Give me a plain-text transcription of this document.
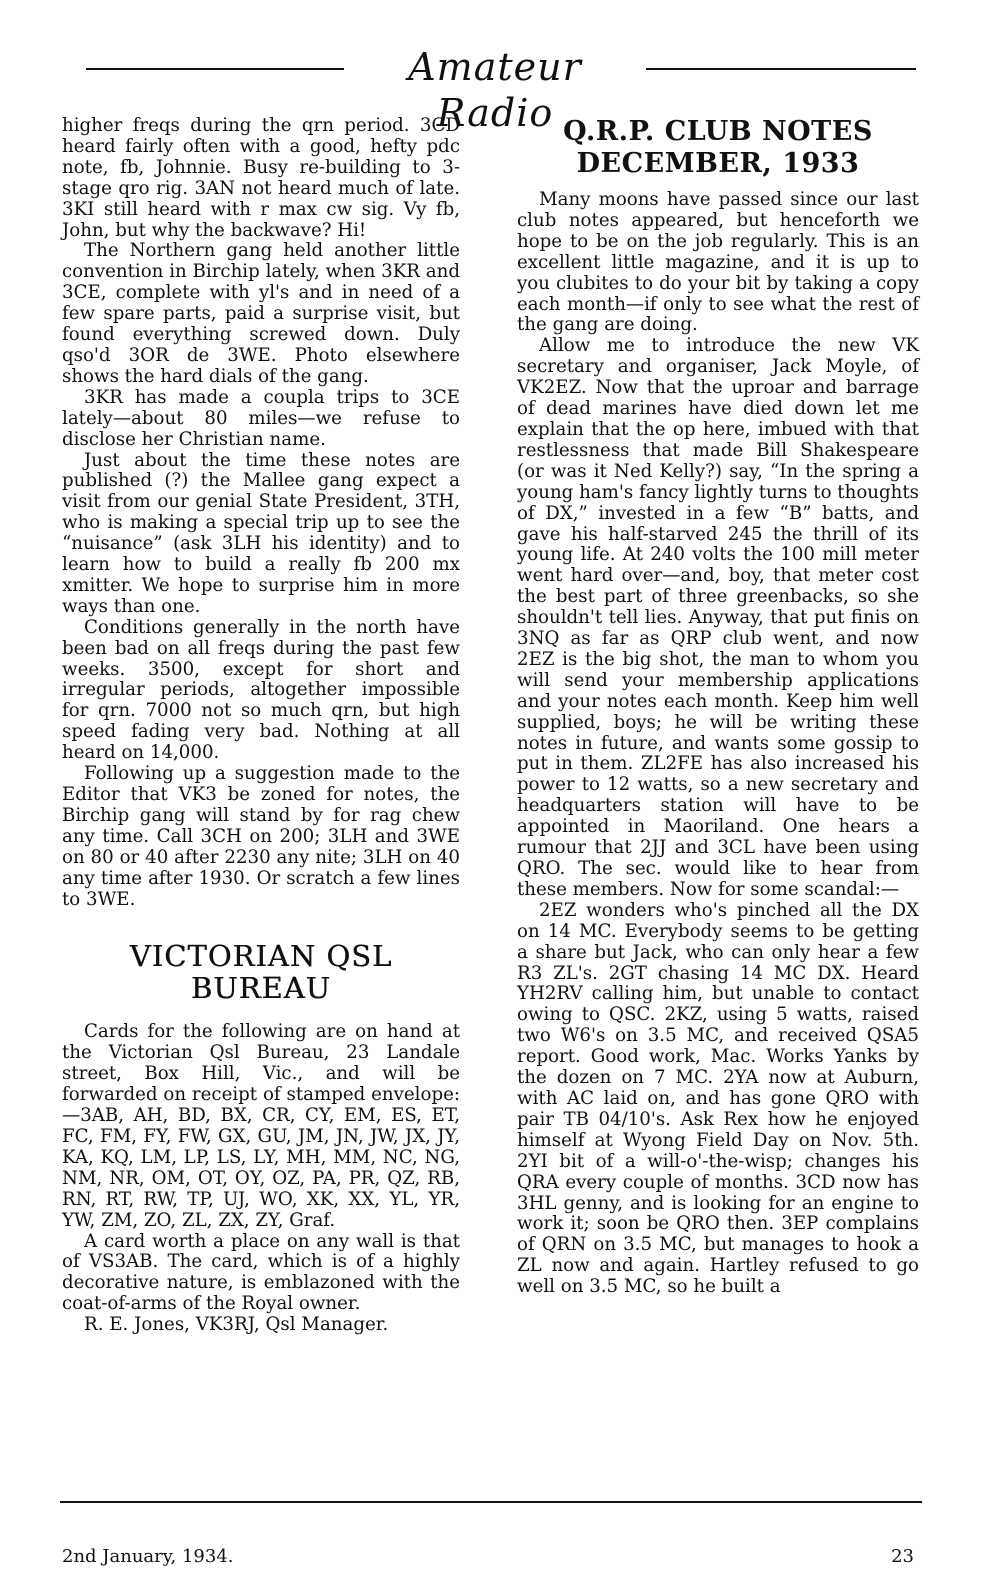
Amateur Radio

higher freqs during the qrn period. 3CD heard fairly often with a good, hefty pdc note, fb, Johnnie. Busy re-building to 3-stage qro rig. 3AN not heard much of late. 3KI still heard with r max cw sig. Vy fb, John, but why the backwave? Hi!

The Northern gang held another little convention in Birchip lately, when 3KR and 3CE, complete with yl's and in need of a few spare parts, paid a surprise visit, but found everything screwed down. Duly qso'd 3OR de 3WE. Photo elsewhere shows the hard dials of the gang.

3KR has made a coupla trips to 3CE lately—about 80 miles—we refuse to disclose her Christian name.

Just about the time these notes are published (?) the Mallee gang expect a visit from our genial State President, 3TH, who is making a special trip up to see the “nuisance” (ask 3LH his identity) and to learn how to build a really fb 200 mx xmitter. We hope to surprise him in more ways than one.

Conditions generally in the north have been bad on all freqs during the past few weeks. 3500, except for short and irregular periods, altogether impossible for qrn. 7000 not so much qrn, but high speed fading very bad. Nothing at all heard on 14,000.

Following up a suggestion made to the Editor that VK3 be zoned for notes, the Birchip gang will stand by for rag chew any time. Call 3CH on 200; 3LH and 3WE on 80 or 40 after 2230 any nite; 3LH on 40 any time after 1930. Or scratch a few lines to 3WE.

VICTORIAN QSL
BUREAU

Cards for the following are on hand at the Victorian Qsl Bureau, 23 Landale street, Box Hill, Vic., and will be forwarded on receipt of stamped envelope:—3AB, AH, BD, BX, CR, CY, EM, ES, ET, FC, FM, FY, FW, GX, GU, JM, JN, JW, JX, JY, KA, KQ, LM, LP, LS, LY, MH, MM, NC, NG, NM, NR, OM, OT, OY, OZ, PA, PR, QZ, RB, RN, RT, RW, TP, UJ, WO, XK, XX, YL, YR, YW, ZM, ZO, ZL, ZX, ZY, Graf.

A card worth a place on any wall is that of VS3AB. The card, which is of a highly decorative nature, is emblazoned with the coat-of-arms of the Royal owner.

R. E. Jones, VK3RJ, Qsl Manager.

Q.R.P. CLUB NOTES
DECEMBER, 1933

Many moons have passed since our last club notes appeared, but henceforth we hope to be on the job regularly. This is an excellent little magazine, and it is up to you clubites to do your bit by taking a copy each month—if only to see what the rest of the gang are doing.

Allow me to introduce the new VK secretary and organiser, Jack Moyle, of VK2EZ. Now that the uproar and barrage of dead marines have died down let me explain that the op here, imbued with that restlessness that made Bill Shakespeare (or was it Ned Kelly?) say, “In the spring a young ham's fancy lightly turns to thoughts of DX,” invested in a few “B” batts, and gave his half-starved 245 the thrill of its young life. At 240 volts the 100 mill meter went hard over—and, boy, that meter cost the best part of three greenbacks, so she shouldn't tell lies. Anyway, that put finis on 3NQ as far as QRP club went, and now 2EZ is the big shot, the man to whom you will send your membership applications and your notes each month. Keep him well supplied, boys; he will be writing these notes in future, and wants some gossip to put in them. ZL2FE has also increased his power to 12 watts, so a new secretary and headquarters station will have to be appointed in Maoriland. One hears a rumour that 2JJ and 3CL have been using QRO. The sec. would like to hear from these members. Now for some scandal:—

2EZ wonders who's pinched all the DX on 14 MC. Everybody seems to be getting a share but Jack, who can only hear a few R3 ZL's. 2GT chasing 14 MC DX. Heard YH2RV calling him, but unable to contact owing to QSC. 2KZ, using 5 watts, raised two W6's on 3.5 MC, and received QSA5 report. Good work, Mac. Works Yanks by the dozen on 7 MC. 2YA now at Auburn, with AC laid on, and has gone QRO with pair TB 04/10's. Ask Rex how he enjoyed himself at Wyong Field Day on Nov. 5th. 2YI bit of a will-o'-the-wisp; changes his QRA every couple of months. 3CD now has 3HL genny, and is looking for an engine to work it; soon be QRO then. 3EP complains of QRN on 3.5 MC, but manages to hook a ZL now and again. Hartley refused to go well on 3.5 MC, so he built a

2nd January, 1934.	23
